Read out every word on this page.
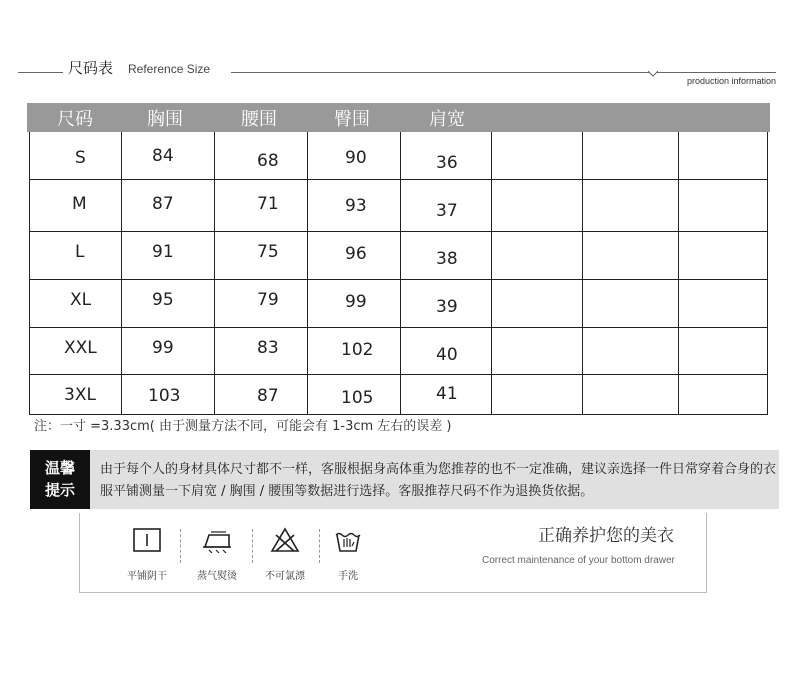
尺码表 Reference Size
production information
尺码	胸围	腰围	臀围	肩宽
S	84	68	90	36
M	87	71	93	37
L	91	75	96	38
XL	95	79	99	39
XXL	99	83	102	40
3XL	103	87	105	41
注：一寸 =3.33cm( 由于测量方法不同，可能会有 1-3cm 左右的误差 )
温馨
提示
由于每个人的身材具体尺寸都不一样，客服根据身高体重为您推荐的也不一定准确，建议亲选择一件日常穿着合身的衣服平铺测量一下肩宽 / 胸围 / 腰围等数据进行选择。客服推荐尺码不作为退换货依据。
平铺阴干	蒸气熨烫	不可氯漂	手洗
正确养护您的美衣
Correct maintenance of your bottom drawer
